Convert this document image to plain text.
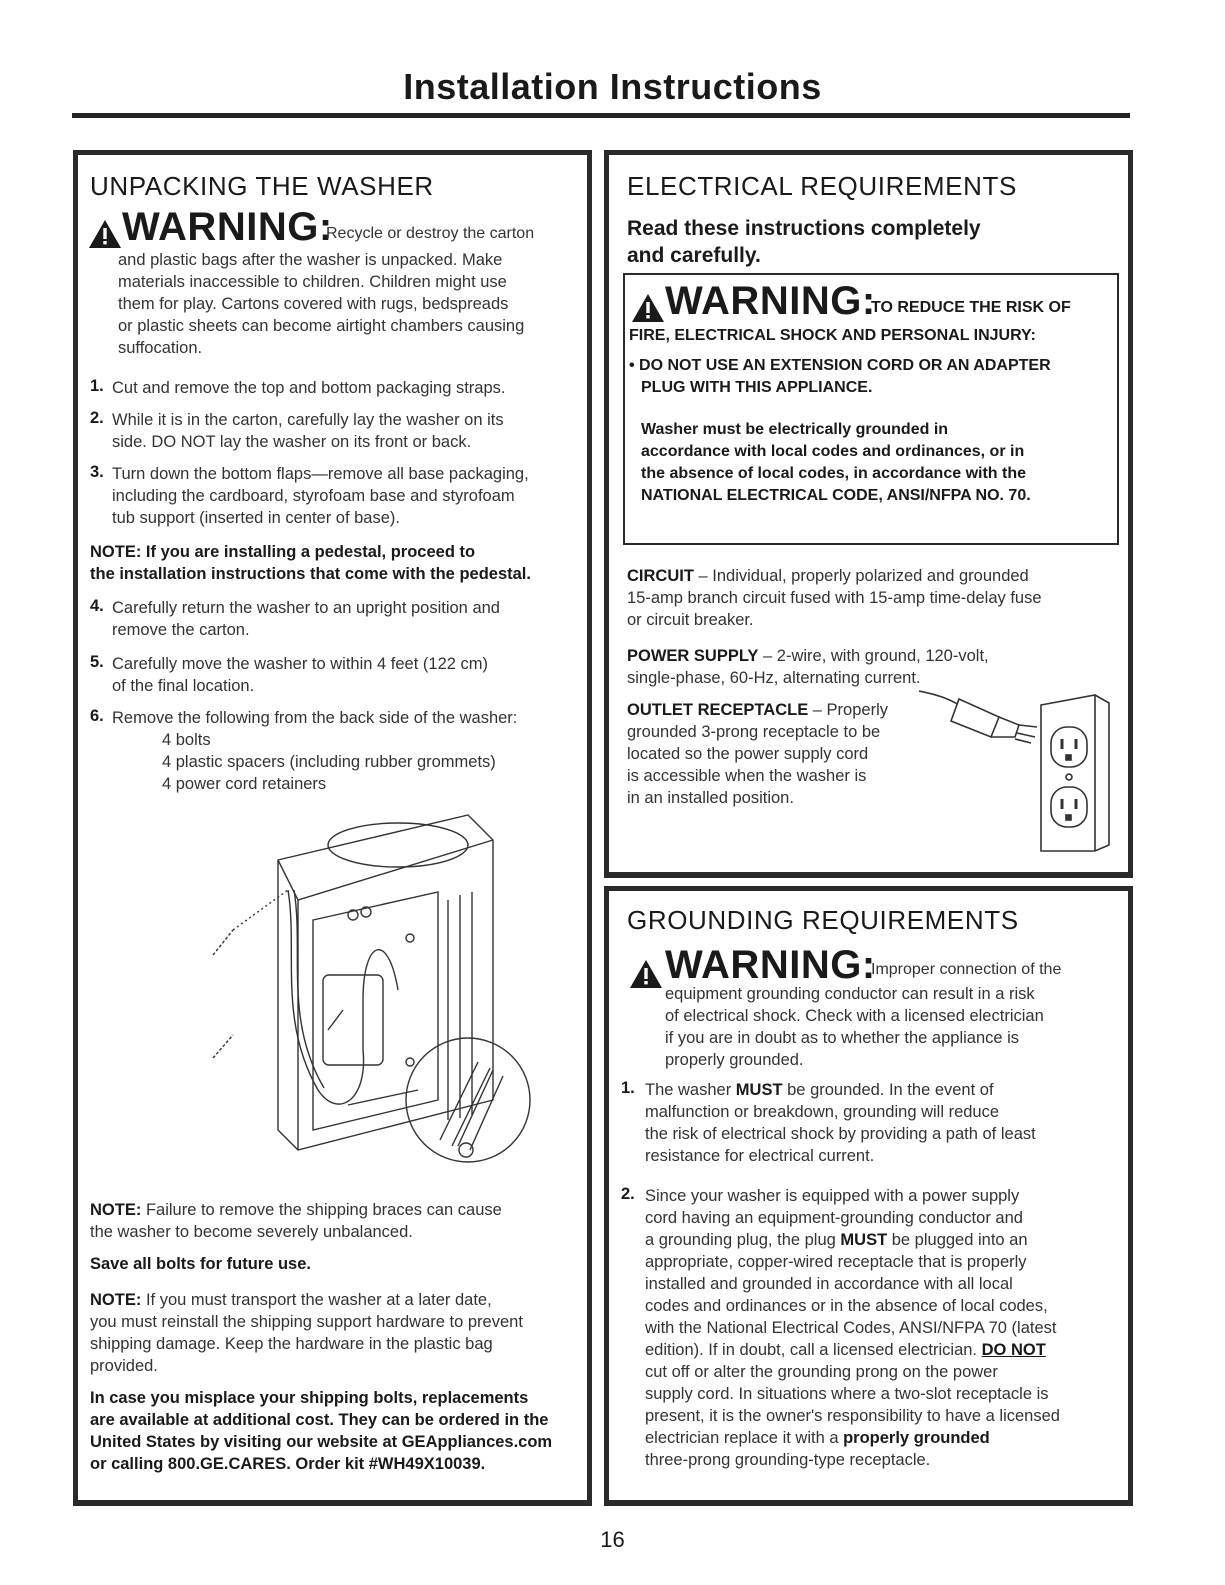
Installation Instructions
UNPACKING THE WASHER
WARNING:
Recycle or destroy the carton
and plastic bags after the washer is unpacked. Make
materials inaccessible to children. Children might use
them for play. Cartons covered with rugs, bedspreads
or plastic sheets can become airtight chambers causing
suffocation.
1. Cut and remove the top and bottom packaging straps.
2. While it is in the carton, carefully lay the washer on its
side. DO NOT lay the washer on its front or back.
3. Turn down the bottom flaps—remove all base packaging,
including the cardboard, styrofoam base and styrofoam
tub support (inserted in center of base).
NOTE: If you are installing a pedestal, proceed to
the installation instructions that come with the pedestal.
4. Carefully return the washer to an upright position and
remove the carton.
5. Carefully move the washer to within 4 feet (122 cm)
of the final location.
6. Remove the following from the back side of the washer:
4 bolts
4 plastic spacers (including rubber grommets)
4 power cord retainers
NOTE: Failure to remove the shipping braces can cause
the washer to become severely unbalanced.
Save all bolts for future use.
NOTE: If you must transport the washer at a later date,
you must reinstall the shipping support hardware to prevent
shipping damage. Keep the hardware in the plastic bag
provided.
In case you misplace your shipping bolts, replacements
are available at additional cost. They can be ordered in the
United States by visiting our website at GEAppliances.com
or calling 800.GE.CARES. Order kit #WH49X10039.
ELECTRICAL REQUIREMENTS
Read these instructions completely
and carefully.
WARNING:
TO REDUCE THE RISK OF
FIRE, ELECTRICAL SHOCK AND PERSONAL INJURY:
• DO NOT USE AN EXTENSION CORD OR AN ADAPTER
PLUG WITH THIS APPLIANCE.
Washer must be electrically grounded in
accordance with local codes and ordinances, or in
the absence of local codes, in accordance with the
NATIONAL ELECTRICAL CODE, ANSI/NFPA NO. 70.
CIRCUIT – Individual, properly polarized and grounded
15-amp branch circuit fused with 15-amp time-delay fuse
or circuit breaker.
POWER SUPPLY – 2-wire, with ground, 120-volt,
single-phase, 60-Hz, alternating current.
OUTLET RECEPTACLE – Properly
grounded 3-prong receptacle to be
located so the power supply cord
is accessible when the washer is
in an installed position.
GROUNDING REQUIREMENTS
WARNING:
Improper connection of the
equipment grounding conductor can result in a risk
of electrical shock. Check with a licensed electrician
if you are in doubt as to whether the appliance is
properly grounded.
1. The washer MUST be grounded. In the event of
malfunction or breakdown, grounding will reduce
the risk of electrical shock by providing a path of least
resistance for electrical current.
2. Since your washer is equipped with a power supply
cord having an equipment-grounding conductor and
a grounding plug, the plug MUST be plugged into an
appropriate, copper-wired receptacle that is properly
installed and grounded in accordance with all local
codes and ordinances or in the absence of local codes,
with the National Electrical Codes, ANSI/NFPA 70 (latest
edition). If in doubt, call a licensed electrician. DO NOT
cut off or alter the grounding prong on the power
supply cord. In situations where a two-slot receptacle is
present, it is the owner's responsibility to have a licensed
electrician replace it with a properly grounded
three-prong grounding-type receptacle.
16
